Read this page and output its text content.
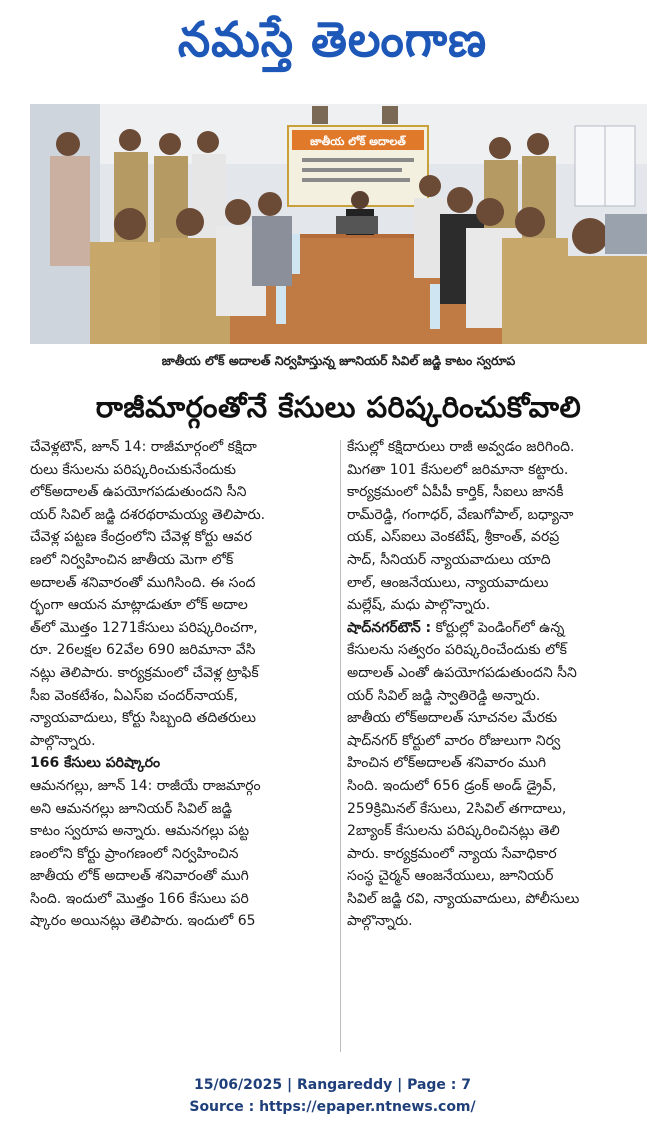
నమస్తే తెలంగాణ
జాతీయ లోక్ అదాలత్
జాతీయ లోక్ అదాలత్ నిర్వహిస్తున్న జూనియర్ సివిల్ జడ్జి కాటం స్వరూప
రాజీమార్గంతోనే కేసులు పరిష్కరించుకోవాలి

చేవెళ్లటౌన్, జూన్ 14: రాజీమార్గంలో కక్షిదా
రులు కేసులను పరిష్కరించుకునేందుకు
లోక్అదాలత్ ఉపయోగపడుతుందని సీని
యర్ సివిల్ జడ్జి దశరథరామయ్య తెలిపారు.
చేవెళ్ల పట్టణ కేంద్రంలోని చేవెళ్ల కోర్టు ఆవర
ణలో నిర్వహించిన జాతీయ మెగా లోక్
అదాలత్ శనివారంతో ముగిసింది. ఈ సంద
ర్భంగా ఆయన మాట్లాడుతూ లోక్ అదాల
త్‌లో మొత్తం 1271కేసులు పరిష్కరించగా,
రూ. 26లక్షల 62వేల 690 జరిమానా వేసి
నట్లు తెలిపారు. కార్యక్రమంలో చేవెళ్ల ట్రాఫిక్
సీఐ వెంకటేశం, ఏఎస్ఐ చందర్‌నాయక్,
న్యాయవాదులు, కోర్టు సిబ్బంది తదితరులు
పాల్గొన్నారు.

166 కేసులు పరిష్కారం

ఆమనగల్లు, జూన్ 14: రాజీయే రాజమార్గం
అని ఆమనగల్లు జూనియర్ సివిల్ జడ్జి
కాటం స్వరూప అన్నారు. ఆమనగల్లు పట్ట
ణంలోని కోర్టు ప్రాంగణంలో నిర్వహించిన
జాతీయ లోక్ అదాలత్ శనివారంతో ముగి
సింది. ఇందులో మొత్తం 166 కేసులు పరి
ష్కారం అయినట్లు తెలిపారు. ఇందులో 65

కేసుల్లో కక్షిదారులు రాజీ అవ్వడం జరిగింది.
మిగతా 101 కేసులలో జరిమానా కట్టారు.
కార్యక్రమంలో ఏపీపీ కార్తిక్, సీఐలు జానకీ
రామ్‌రెడ్డి, గంగాధర్, వేణుగోపాల్, బధ్యానా
యక్, ఎస్ఐలు వెంకటేష్, శ్రీకాంత్, వరప్ర
సాద్, సీనియర్ న్యాయవాదులు యాది
లాల్, ఆంజనేయులు, న్యాయవాదులు
మల్లేష్, మధు పాల్గొన్నారు.

షాద్‌నగర్‌టౌన్ : కోర్టుల్లో పెండింగ్‌లో ఉన్న
కేసులను సత్వరం పరిష్కరించేందుకు లోక్
అదాలత్ ఎంతో ఉపయోగపడుతుందని సీని
యర్ సివిల్ జడ్జి స్వాతిరెడ్డి అన్నారు.
జాతీయ లోక్‌అదాలత్ సూచనల మేరకు
షాద్‌నగర్ కోర్టులో వారం రోజులుగా నిర్వ
హించిన లోక్‌అదాలత్ శనివారం ముగి
సింది. ఇందులో 656 డ్రంక్ అండ్ డ్రైవ్,
259క్రిమినల్ కేసులు, 2సివిల్ తగాదాలు,
2బ్యాంక్ కేసులను పరిష్కరించినట్లు తెలి
పారు. కార్యక్రమంలో న్యాయ సేవాధికార
సంస్థ చైర్మన్ ఆంజనేయులు, జూనియర్
సివిల్ జడ్జి రవి, న్యాయవాదులు, పోలీసులు
పాల్గొన్నారు.

15/06/2025 | Rangareddy | Page : 7
Source : https://epaper.ntnews.com/
